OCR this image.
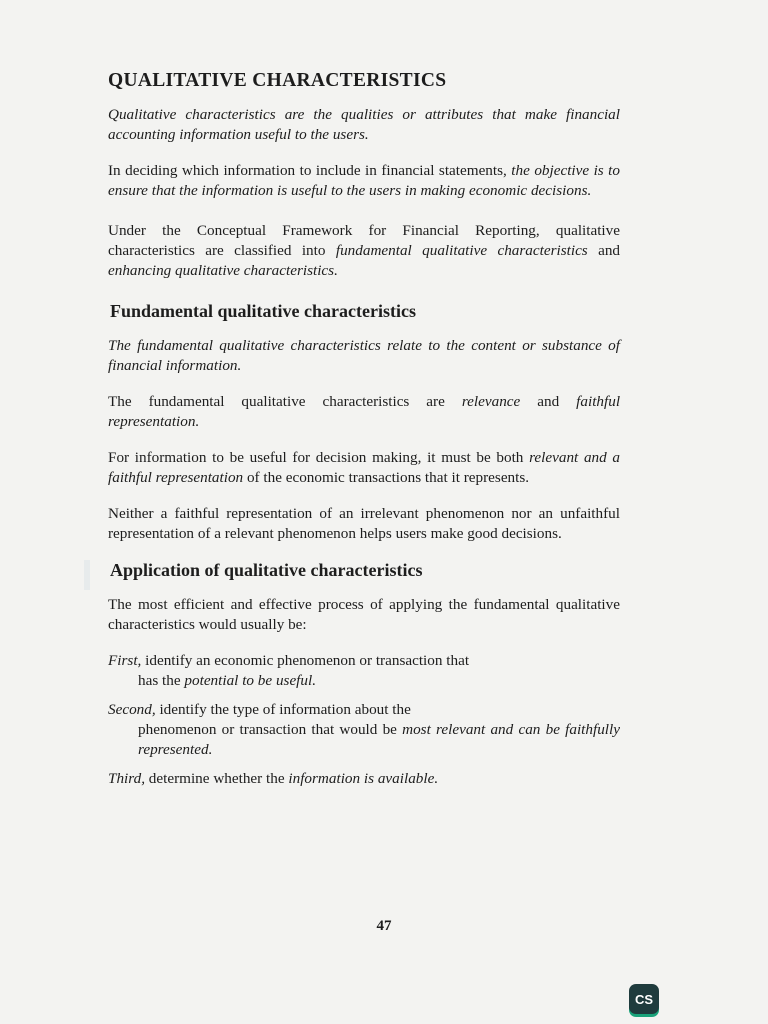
QUALITATIVE CHARACTERISTICS

Qualitative characteristics are the qualities or attributes that make financial accounting information useful to the users.

In deciding which information to include in financial statements, the objective is to ensure that the information is useful to the users in making economic decisions.

Under the Conceptual Framework for Financial Reporting, qualitative characteristics are classified into fundamental qualitative characteristics and enhancing qualitative characteristics.

Fundamental qualitative characteristics

The fundamental qualitative characteristics relate to the content or substance of financial information.

The fundamental qualitative characteristics are relevance and faithful representation.

For information to be useful for decision making, it must be both relevant and a faithful representation of the economic transactions that it represents.

Neither a faithful representation of an irrelevant phenomenon nor an unfaithful representation of a relevant phenomenon helps users make good decisions.

Application of qualitative characteristics

The most efficient and effective process of applying the fundamental qualitative characteristics would usually be:

First, identify an economic phenomenon or transaction that
has the potential to be useful.

Second, identify the type of information about the
phenomenon or transaction that would be most relevant and can be faithfully represented.

Third, determine whether the information is available.

47
CS
